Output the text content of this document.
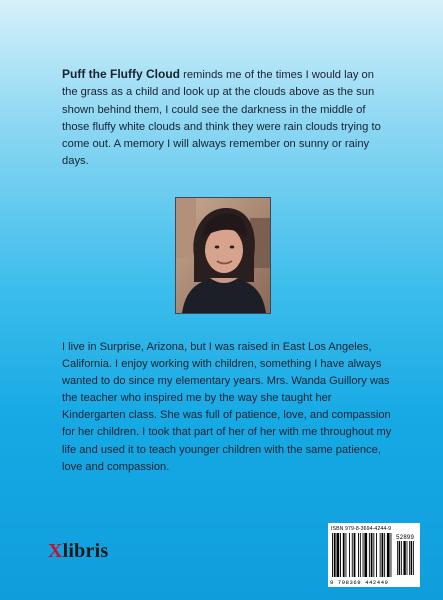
Puff the Fluffy Cloud reminds me of the times I would lay on the grass as a child and look up at the clouds above as the sun shown behind them, I could see the darkness in the middle of those fluffy white clouds and think they were rain clouds trying to come out. A memory I will always remember on sunny or rainy days.

I live in Surprise, Arizona, but I was raised in East Los Angeles, California. I enjoy working with children, something I have always wanted to do since my elementary years. Mrs. Wanda Guillory was the teacher who inspired me by the way she taught her Kindergarten class. She was full of patience, love, and compassion for her children. I took that part of her of her with me throughout my life and used it to teach younger children with the same patience, love and compassion.

Xlibris
ISBN 979-8-3694-4244-9
52899
9 798369 442449
